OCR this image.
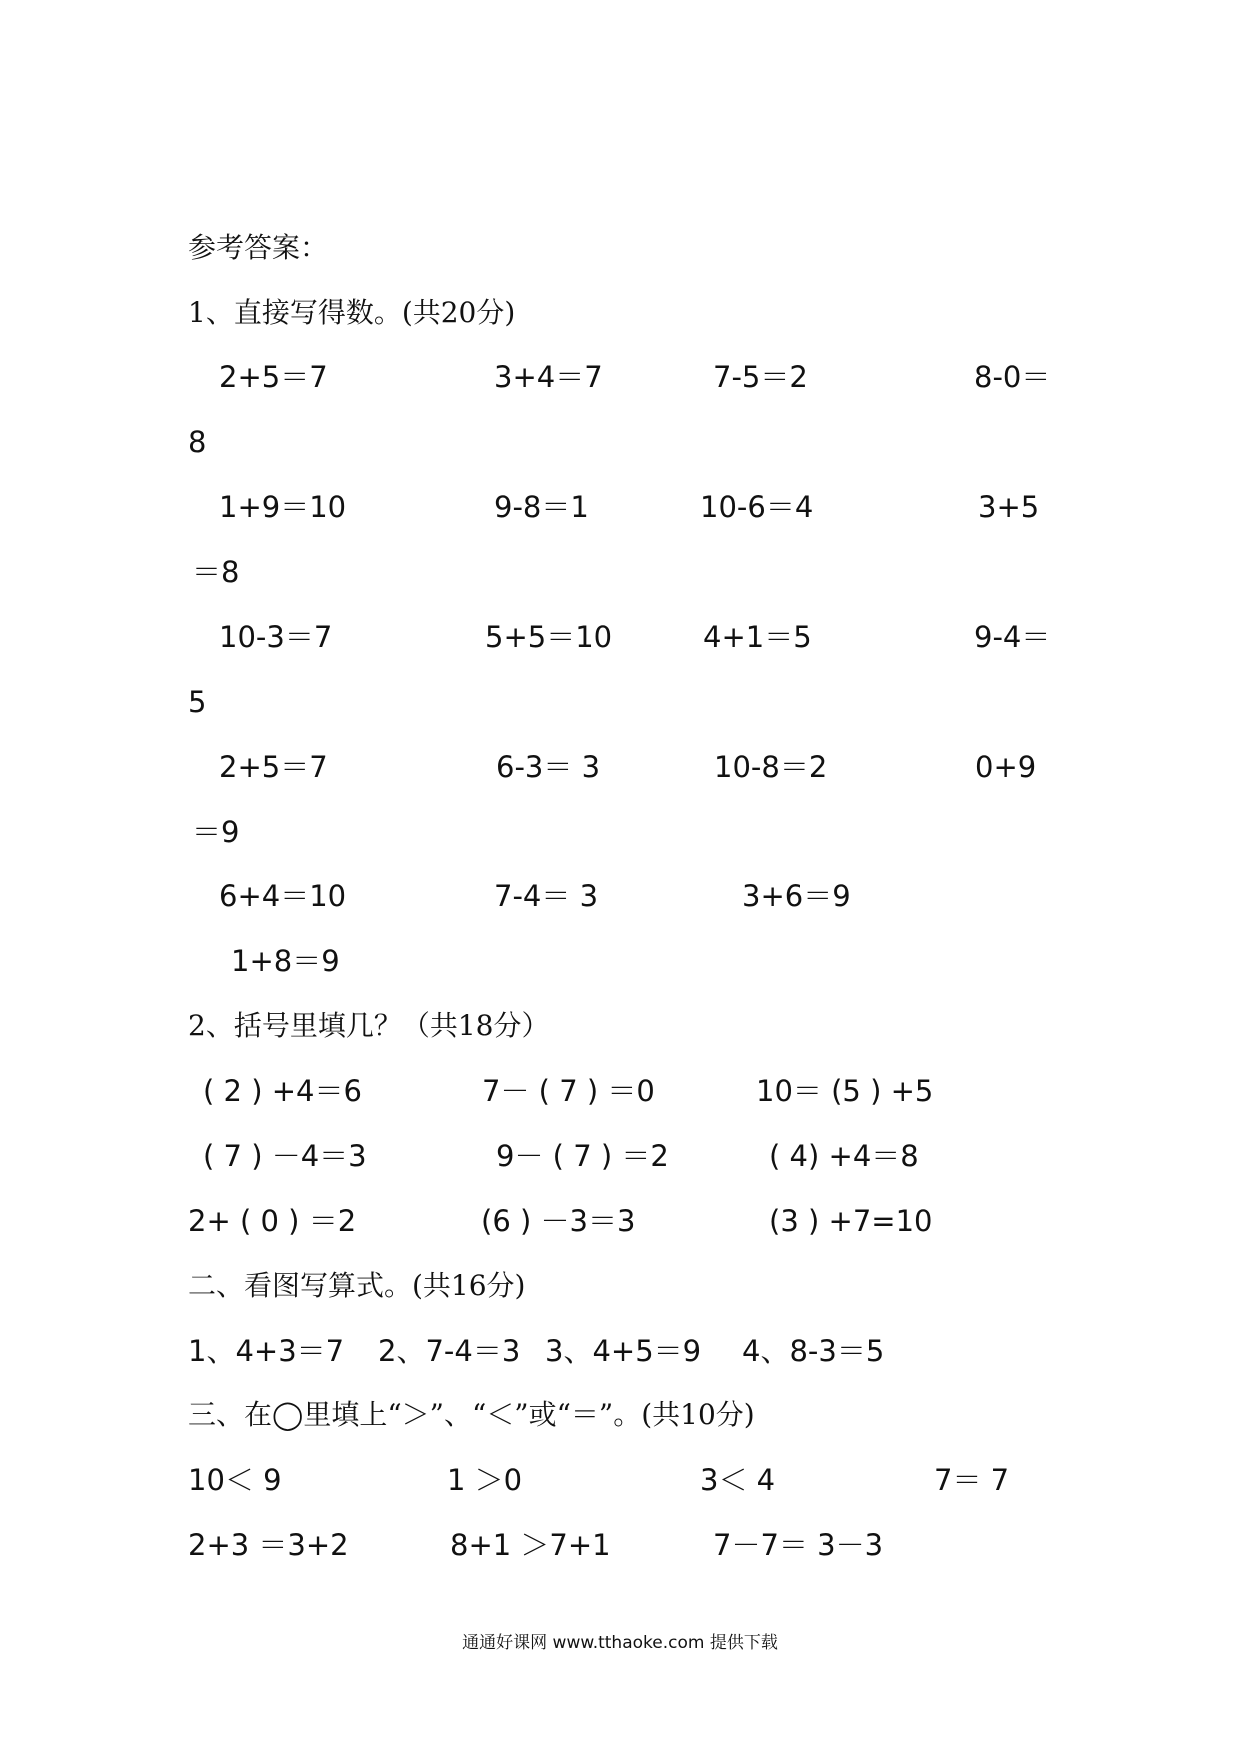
参考答案：
1、直接写得数。(共20分)
2+5＝7	3+4＝7	7-5＝2	8-0＝
8
1+9＝10	9-8＝1	10-6＝4	3+5
＝8
10-3＝7	5+5＝10	4+1＝5	9-4＝
5
2+5＝7	6-3＝ 3	10-8＝2	0+9
＝9
6+4＝10	7-4＝ 3	3+6＝9
1+8＝9
2、括号里填几？（共18分）
( 2 ) +4＝6	7－ ( 7 ) ＝0	10＝ (5 ) +5
( 7 ) －4＝3	9－ ( 7 ) ＝2	( 4) +4＝8
2+ ( 0 ) ＝2	(6 ) －3＝3	(3 ) +7=10
二、看图写算式。(共16分)
1、4+3＝7 2、7-4＝3 3、4+5＝9 4、8-3＝5
三、在◯里填上“＞”、“＜”或“＝”。(共10分)
10＜ 9	1 ＞0	3＜ 4	7＝ 7
2+3 ＝3+2	8+1 ＞7+1	7－7＝ 3－3
通通好课网 www.tthaoke.com 提供下载
